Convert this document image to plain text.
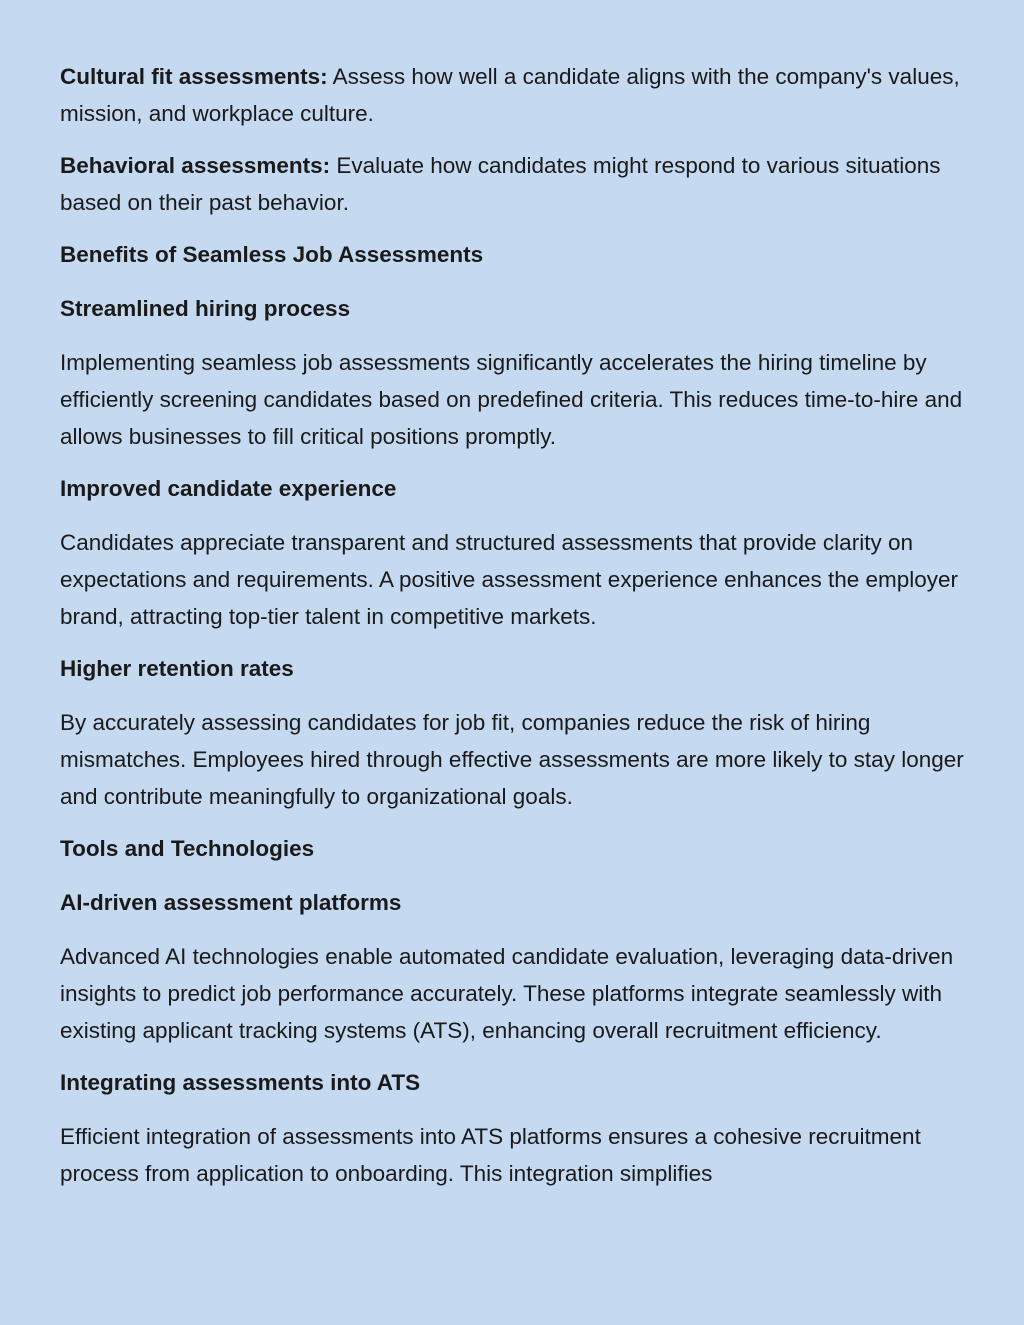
Cultural fit assessments: Assess how well a candidate aligns with the company's values, mission, and workplace culture.

Behavioral assessments: Evaluate how candidates might respond to various situations based on their past behavior.

Benefits of Seamless Job Assessments

Streamlined hiring process

Implementing seamless job assessments significantly accelerates the hiring timeline by efficiently screening candidates based on predefined criteria. This reduces time-to-hire and allows businesses to fill critical positions promptly.

Improved candidate experience

Candidates appreciate transparent and structured assessments that provide clarity on expectations and requirements. A positive assessment experience enhances the employer brand, attracting top-tier talent in competitive markets.

Higher retention rates

By accurately assessing candidates for job fit, companies reduce the risk of hiring mismatches. Employees hired through effective assessments are more likely to stay longer and contribute meaningfully to organizational goals.

Tools and Technologies

AI-driven assessment platforms

Advanced AI technologies enable automated candidate evaluation, leveraging data-driven insights to predict job performance accurately. These platforms integrate seamlessly with existing applicant tracking systems (ATS), enhancing overall recruitment efficiency.

Integrating assessments into ATS

Efficient integration of assessments into ATS platforms ensures a cohesive recruitment process from application to onboarding. This integration simplifies
